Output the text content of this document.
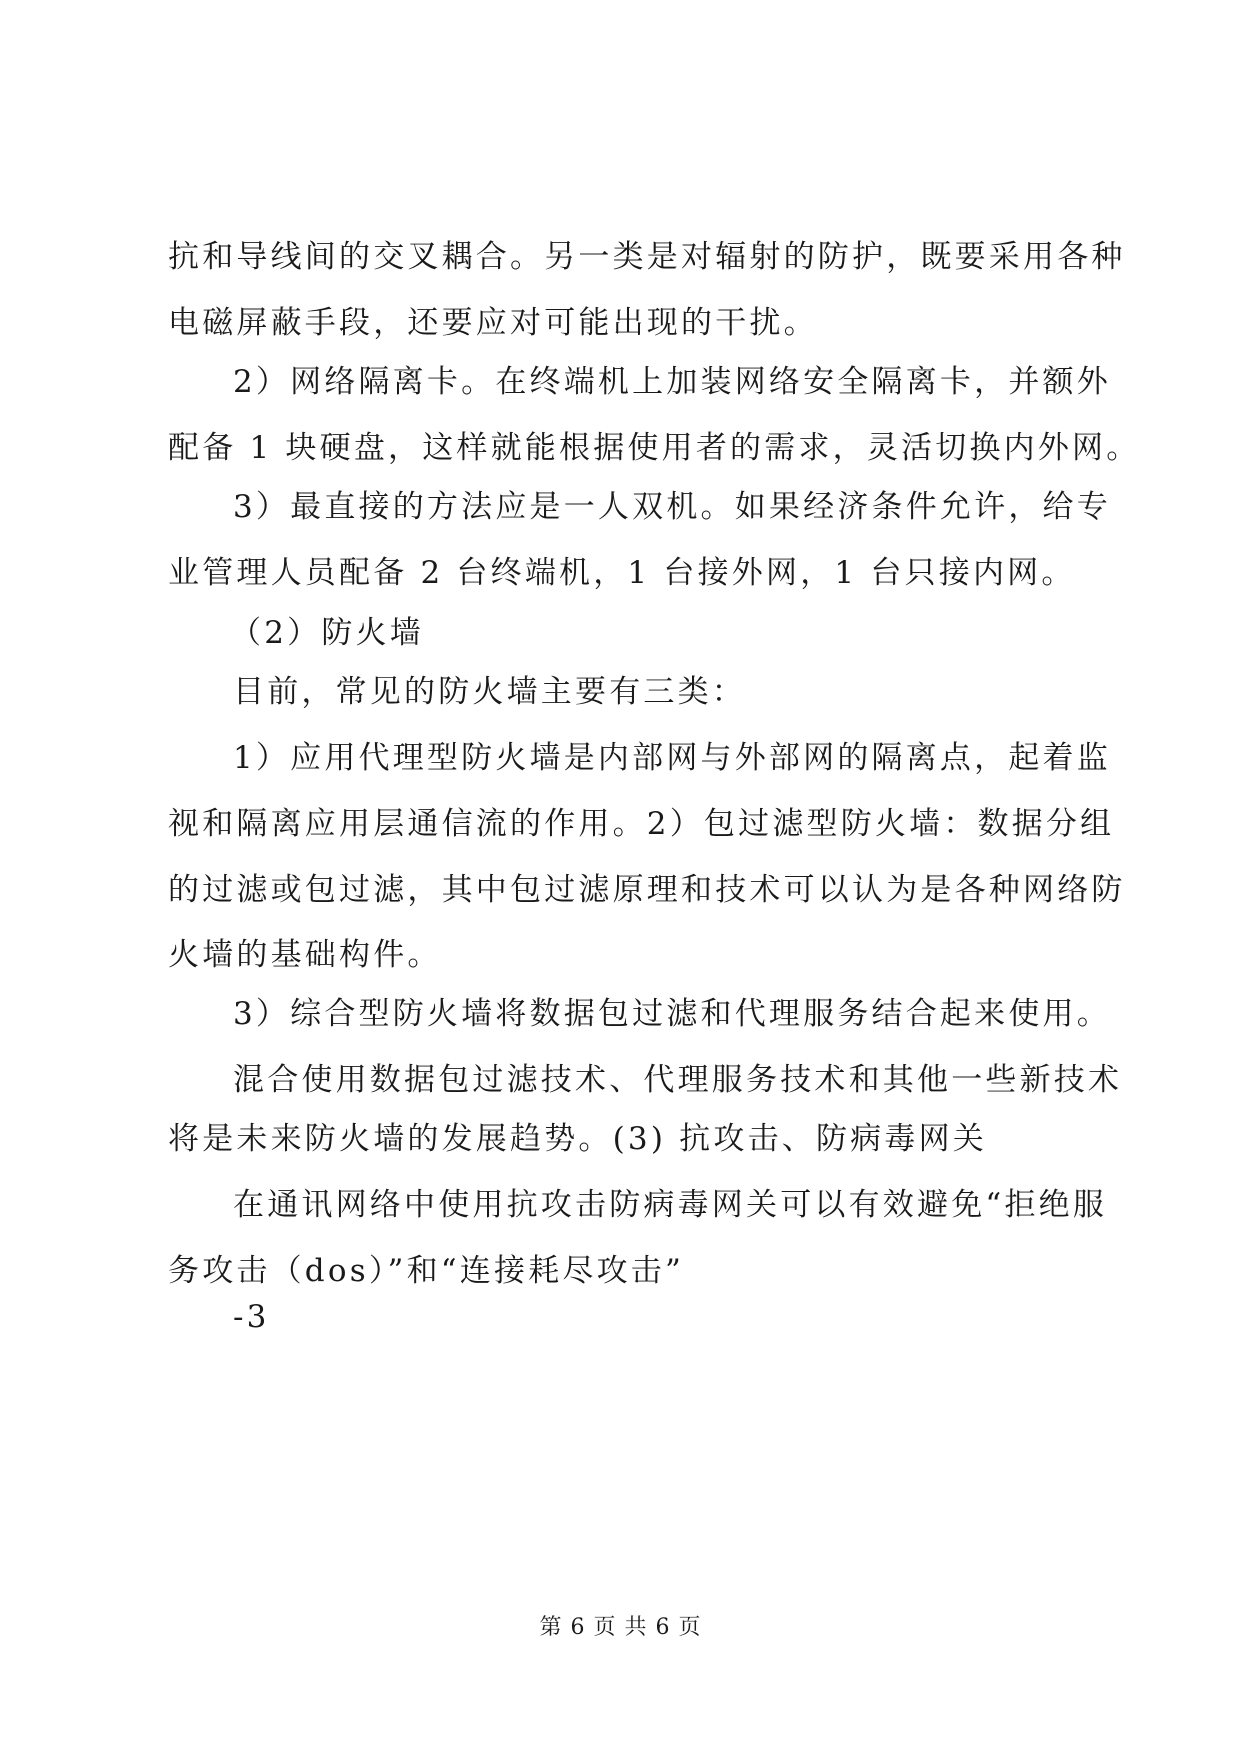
抗和导线间的交叉耦合。另一类是对辐射的防护，既要采用各种
电磁屏蔽手段，还要应对可能出现的干扰。
2）网络隔离卡。在终端机上加装网络安全隔离卡，并额外
配备 1 块硬盘，这样就能根据使用者的需求，灵活切换内外网。
3）最直接的方法应是一人双机。如果经济条件允许，给专
业管理人员配备 2 台终端机，1 台接外网，1 台只接内网。
（2）防火墙
目前，常见的防火墙主要有三类：
1）应用代理型防火墙是内部网与外部网的隔离点，起着监
视和隔离应用层通信流的作用。2）包过滤型防火墙：数据分组
的过滤或包过滤，其中包过滤原理和技术可以认为是各种网络防
火墙的基础构件。
3）综合型防火墙将数据包过滤和代理服务结合起来使用。
混合使用数据包过滤技术、代理服务技术和其他一些新技术
将是未来防火墙的发展趋势。(3) 抗攻击、防病毒网关
在通讯网络中使用抗攻击防病毒网关可以有效避免“拒绝服
务攻击（dos）”和“连接耗尽攻击”
-3
第 6 页 共 6 页
